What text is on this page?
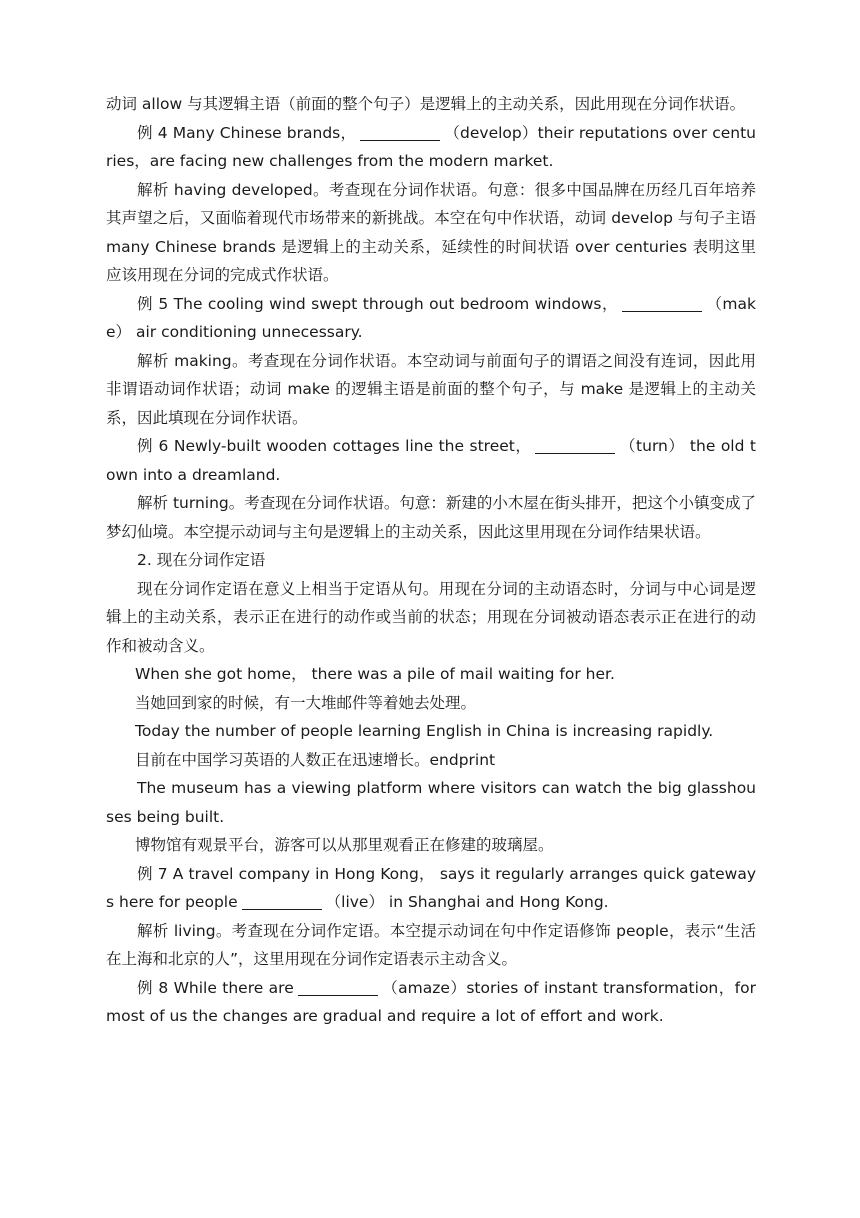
动词 allow 与其逻辑主语（前面的整个句子）是逻辑上的主动关系，因此用现在分词作状语。

例 4 Many Chinese brands，	（develop）their reputations over centuries，are facing new challenges from the modern market.

解析 having developed。考查现在分词作状语。句意：很多中国品牌在历经几百年培养其声望之后，又面临着现代市场带来的新挑战。本空在句中作状语，动词 develop 与句子主语 many Chinese brands 是逻辑上的主动关系，延续性的时间状语 over centuries 表明这里应该用现在分词的完成式作状语。

例 5 The cooling wind swept through out bedroom windows，	（make） air conditioning unnecessary.

解析 making。考查现在分词作状语。本空动词与前面句子的谓语之间没有连词，因此用非谓语动词作状语；动词 make 的逻辑主语是前面的整个句子，与 make 是逻辑上的主动关系，因此填现在分词作状语。

例 6 Newly-built wooden cottages line the street，	（turn） the old town into a dreamland.

解析 turning。考查现在分词作状语。句意：新建的小木屋在街头排开，把这个小镇变成了梦幻仙境。本空提示动词与主句是逻辑上的主动关系，因此这里用现在分词作结果状语。

2. 现在分词作定语

现在分词作定语在意义上相当于定语从句。用现在分词的主动语态时，分词与中心词是逻辑上的主动关系，表示正在进行的动作或当前的状态；用现在分词被动语态表示正在进行的动作和被动含义。

When she got home， there was a pile of mail waiting for her.

当她回到家的时候，有一大堆邮件等着她去处理。

Today the number of people learning English in China is increasing rapidly.

目前在中国学习英语的人数正在迅速增长。endprint

The museum has a viewing platform where visitors can watch the big glasshouses being built.

博物馆有观景平台，游客可以从那里观看正在修建的玻璃屋。

例 7 A travel company in Hong Kong， says it regularly arranges quick gateways here for people	（live） in Shanghai and Hong Kong.

解析 living。考查现在分词作定语。本空提示动词在句中作定语修饰 people，表示“生活在上海和北京的人”，这里用现在分词作定语表示主动含义。

例 8 While there are	（amaze）stories of instant transformation，for most of us the changes are gradual and require a lot of effort and work.
